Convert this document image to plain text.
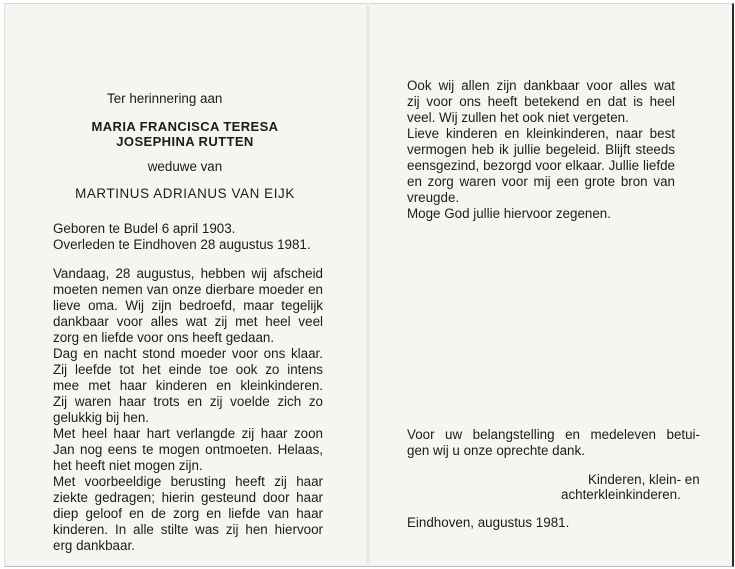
Ter herinnering aan
MARIA FRANCISCA TERESA
JOSEPHINA RUTTEN
weduwe van
MARTINUS ADRIANUS VAN EIJK
Geboren te Budel 6 april 1903.
Overleden te Eindhoven 28 augustus 1981.
Vandaag, 28 augustus, hebben wij afscheid
moeten nemen van onze dierbare moeder en
lieve oma. Wij zijn bedroefd, maar tegelijk
dankbaar voor alles wat zij met heel veel
zorg en liefde voor ons heeft gedaan.
Dag en nacht stond moeder voor ons klaar.
Zij leefde tot het einde toe ook zo intens
mee met haar kinderen en kleinkinderen.
Zij waren haar trots en zij voelde zich zo
gelukkig bij hen.
Met heel haar hart verlangde zij haar zoon
Jan nog eens te mogen ontmoeten. Helaas,
het heeft niet mogen zijn.
Met voorbeeldige berusting heeft zij haar
ziekte gedragen; hierin gesteund door haar
diep geloof en de zorg en liefde van haar
kinderen. In alle stilte was zij hen hiervoor
erg dankbaar.
Ook wij allen zijn dankbaar voor alles wat
zij voor ons heeft betekend en dat is heel
veel. Wij zullen het ook niet vergeten.
Lieve kinderen en kleinkinderen, naar best
vermogen heb ik jullie begeleid. Blijft steeds
eensgezind, bezorgd voor elkaar. Jullie liefde
en zorg waren voor mij een grote bron van
vreugde.
Moge God jullie hiervoor zegenen.
Voor uw belangstelling en medeleven betui-
gen wij u onze oprechte dank.
Kinderen, klein- en
achterkleinkinderen.
Eindhoven, augustus 1981.
